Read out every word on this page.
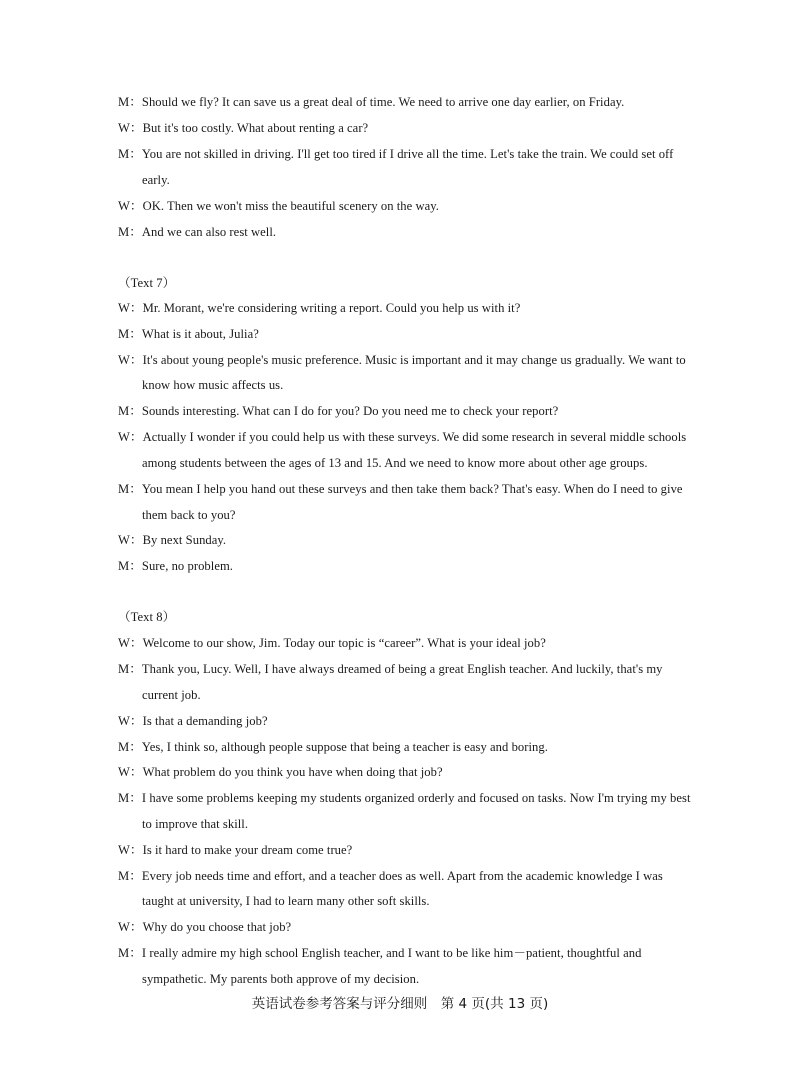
M：Should we fly? It can save us a great deal of time. We need to arrive one day earlier, on Friday.
W：But it's too costly. What about renting a car?
M：You are not skilled in driving. I'll get too tired if I drive all the time. Let's take the train. We could set off
early.
W：OK. Then we won't miss the beautiful scenery on the way.
M：And we can also rest well.
（Text 7）
W：Mr. Morant, we're considering writing a report. Could you help us with it?
M：What is it about, Julia?
W：It's about young people's music preference. Music is important and it may change us gradually. We want to
know how music affects us.
M：Sounds interesting. What can I do for you? Do you need me to check your report?
W：Actually I wonder if you could help us with these surveys. We did some research in several middle schools
among students between the ages of 13 and 15. And we need to know more about other age groups.
M：You mean I help you hand out these surveys and then take them back? That's easy. When do I need to give
them back to you?
W：By next Sunday.
M：Sure, no problem.
（Text 8）
W：Welcome to our show, Jim. Today our topic is “career”. What is your ideal job?
M：Thank you, Lucy. Well, I have always dreamed of being a great English teacher. And luckily, that's my
current job.
W：Is that a demanding job?
M：Yes, I think so, although people suppose that being a teacher is easy and boring.
W：What problem do you think you have when doing that job?
M：I have some problems keeping my students organized orderly and focused on tasks. Now I'm trying my best
to improve that skill.
W：Is it hard to make your dream come true?
M：Every job needs time and effort, and a teacher does as well. Apart from the academic knowledge I was
taught at university, I had to learn many other soft skills.
W：Why do you choose that job?
M：I really admire my high school English teacher, and I want to be like him－patient, thoughtful and
sympathetic. My parents both approve of my decision.
英语试卷参考答案与评分细则　第 4 页(共 13 页)
